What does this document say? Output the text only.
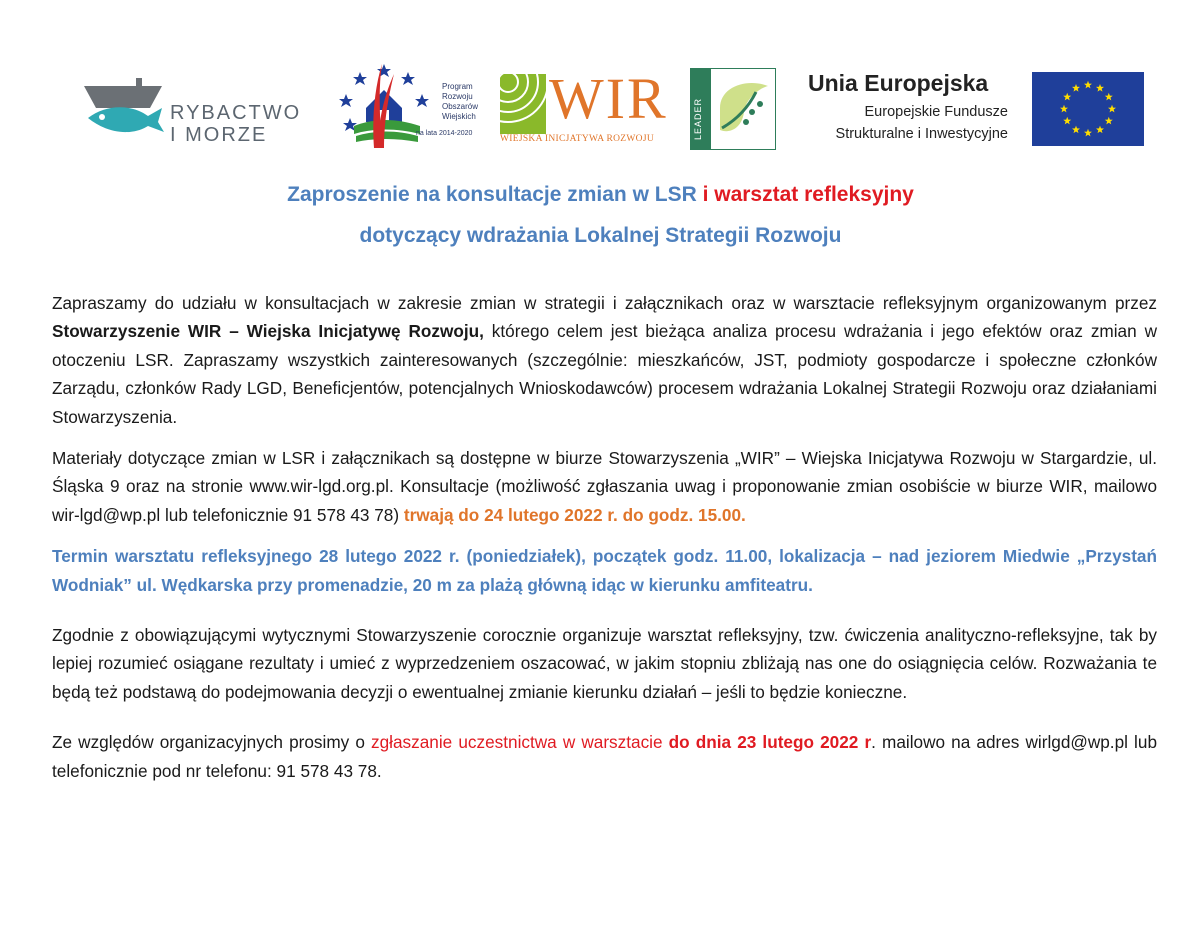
RYBACTWO
I MORZE
Program
Rozwoju
Obszarów
Wiejskich
na lata 2014-2020
WIR
WIEJSKA INICJATYWA ROZWOJU	LEADER
Unia Europejska
Europejskie Fundusze
Strukturalne i Inwestycyjne
Zaproszenie na konsultacje zmian w LSR i warsztat refleksyjny
dotyczący wdrażania Lokalnej Strategii Rozwoju

Zapraszamy do udziału w konsultacjach w zakresie zmian w strategii i załącznikach oraz w warsztacie refleksyjnym organizowanym przez Stowarzyszenie WIR – Wiejska Inicjatywę Rozwoju, którego celem jest bieżąca analiza procesu wdrażania i jego efektów oraz zmian w otoczeniu LSR. Zapraszamy wszystkich zainteresowanych (szczególnie: mieszkańców, JST, podmioty gospodarcze i społeczne członków Zarządu, członków Rady LGD, Beneficjentów, potencjalnych Wnioskodawców) procesem wdrażania Lokalnej Strategii Rozwoju oraz działaniami Stowarzyszenia.

Materiały dotyczące zmian w LSR i załącznikach są dostępne w biurze Stowarzyszenia „WIR” – Wiejska Inicjatywa Rozwoju w Stargardzie, ul. Śląska 9 oraz na stronie www.wir-lgd.org.pl. Konsultacje (możliwość zgłaszania uwag i proponowanie zmian osobiście w biurze WIR, mailowo wir-lgd@wp.pl lub telefonicznie 91 578 43 78) trwają do 24 lutego 2022 r. do godz. 15.00.

Termin warsztatu refleksyjnego 28 lutego 2022 r. (poniedziałek), początek godz. 11.00, lokalizacja – nad jeziorem Miedwie „Przystań Wodniak” ul. Wędkarska przy promenadzie, 20 m za plażą główną idąc w kierunku amfiteatru.

Zgodnie z obowiązującymi wytycznymi Stowarzyszenie corocznie organizuje warsztat refleksyjny, tzw. ćwiczenia analityczno-refleksyjne, tak by lepiej rozumieć osiągane rezultaty i umieć z wyprzedzeniem oszacować, w jakim stopniu zbliżają nas one do osiągnięcia celów. Rozważania te będą też podstawą do podejmowania decyzji o ewentualnej zmianie kierunku działań – jeśli to będzie konieczne.

Ze względów organizacyjnych prosimy o zgłaszanie uczestnictwa w warsztacie do dnia 23 lutego 2022 r. mailowo na adres wirlgd@wp.pl lub telefonicznie pod nr telefonu: 91 578 43 78.
